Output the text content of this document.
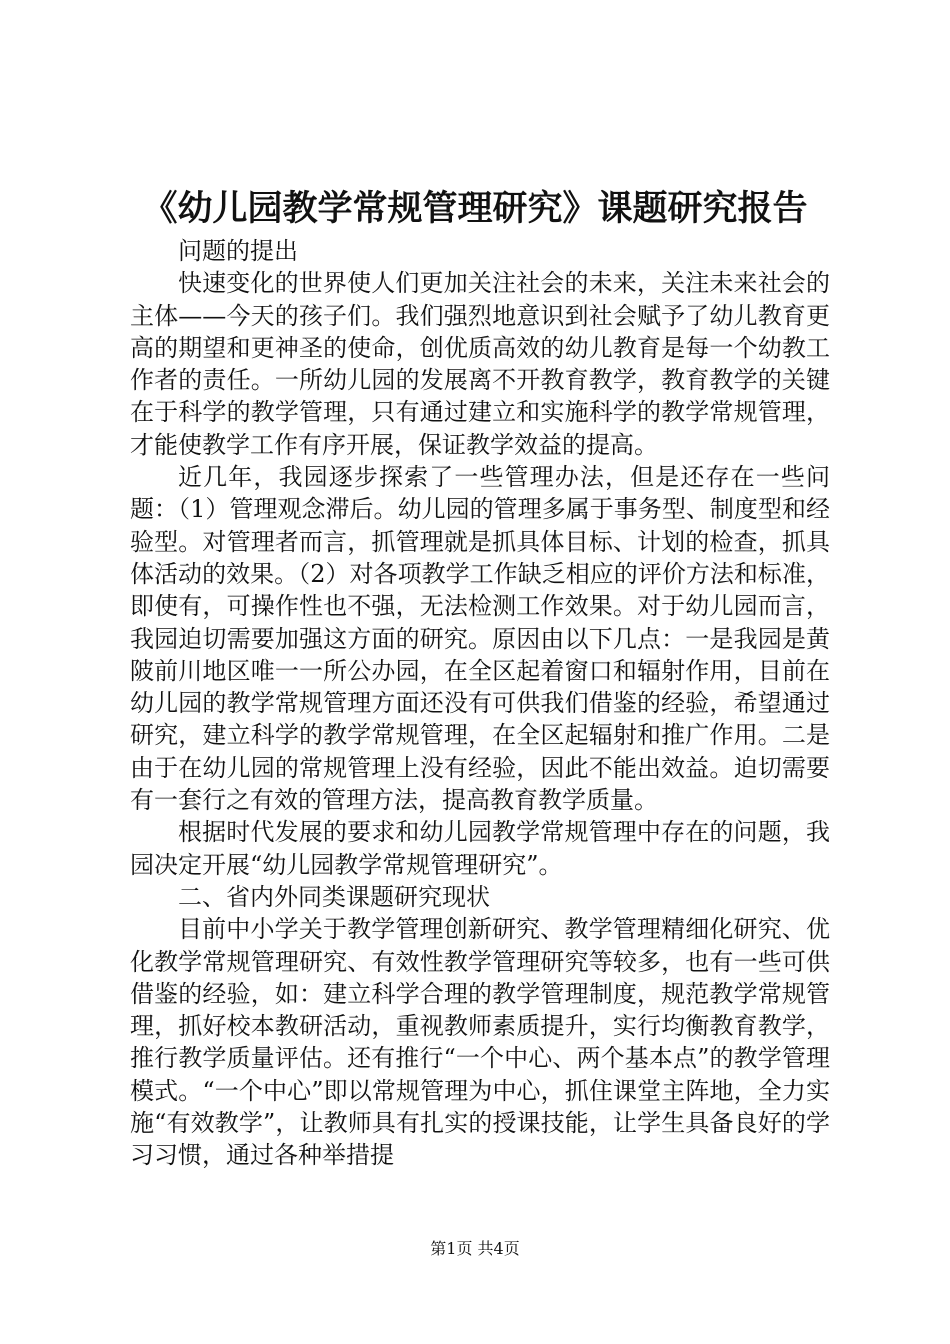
《幼儿园教学常规管理研究》课题研究报告

问题的提出

快速变化的世界使人们更加关注社会的未来，关注未来社会的主体——今天的孩子们。我们强烈地意识到社会赋予了幼儿教育更高的期望和更神圣的使命，创优质高效的幼儿教育是每一个幼教工作者的责任。一所幼儿园的发展离不开教育教学，教育教学的关键在于科学的教学管理，只有通过建立和实施科学的教学常规管理，才能使教学工作有序开展，保证教学效益的提高。

近几年，我园逐步探索了一些管理办法，但是还存在一些问题：（1）管理观念滞后。幼儿园的管理多属于事务型、制度型和经验型。对管理者而言，抓管理就是抓具体目标、计划的检查，抓具体活动的效果。（2）对各项教学工作缺乏相应的评价方法和标准，即使有，可操作性也不强，无法检测工作效果。对于幼儿园而言，我园迫切需要加强这方面的研究。原因由以下几点：一是我园是黄陂前川地区唯一一所公办园，在全区起着窗口和辐射作用，目前在幼儿园的教学常规管理方面还没有可供我们借鉴的经验，希望通过研究，建立科学的教学常规管理，在全区起辐射和推广作用。二是由于在幼儿园的常规管理上没有经验，因此不能出效益。迫切需要有一套行之有效的管理方法，提高教育教学质量。

根据时代发展的要求和幼儿园教学常规管理中存在的问题，我园决定开展“幼儿园教学常规管理研究”。

二、省内外同类课题研究现状

目前中小学关于教学管理创新研究、教学管理精细化研究、优化教学常规管理研究、有效性教学管理研究等较多，也有一些可供借鉴的经验，如：建立科学合理的教学管理制度，规范教学常规管理，抓好校本教研活动，重视教师素质提升，实行均衡教育教学，推行教学质量评估。还有推行“一个中心、两个基本点”的教学管理模式。“一个中心”即以常规管理为中心，抓住课堂主阵地，全力实施“有效教学”，让教师具有扎实的授课技能，让学生具备良好的学习习惯，通过各种举措提

第1页 共4页
